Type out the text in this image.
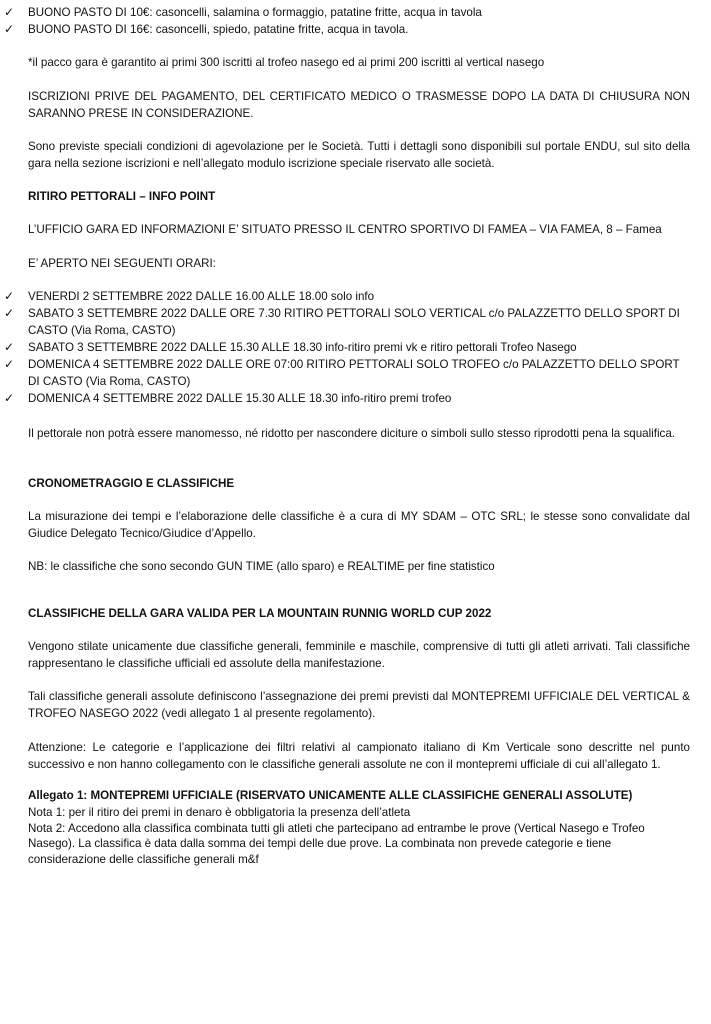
✓	BUONO PASTO DI 10€: casoncelli, salamina o formaggio, patatine fritte, acqua in tavola
✓	BUONO PASTO DI 16€: casoncelli, spiedo, patatine fritte, acqua in tavola.

*il pacco gara è garantito ai primi 300 iscritti al trofeo nasego ed ai primi 200 iscritti al vertical nasego

ISCRIZIONI PRIVE DEL PAGAMENTO, DEL CERTIFICATO MEDICO O TRASMESSE DOPO LA DATA DI CHIUSURA NON SARANNO PRESE IN CONSIDERAZIONE.

Sono previste speciali condizioni di agevolazione per le Società. Tutti i dettagli sono disponibili sul portale ENDU, sul sito della gara nella sezione iscrizioni e nell’allegato modulo iscrizione speciale riservato alle società.

RITIRO PETTORALI – INFO POINT

L’UFFICIO GARA ED INFORMAZIONI E’ SITUATO PRESSO IL CENTRO SPORTIVO DI FAMEA – VIA FAMEA, 8 – Famea

E’ APERTO NEI SEGUENTI ORARI:

✓	VENERDI 2 SETTEMBRE 2022 DALLE 16.00 ALLE 18.00 solo info
✓	SABATO 3 SETTEMBRE 2022 DALLE ORE 7.30 RITIRO PETTORALI SOLO VERTICAL c/o PALAZZETTO DELLO SPORT DI CASTO (Via Roma, CASTO)
✓	SABATO 3 SETTEMBRE 2022 DALLE 15.30 ALLE 18.30 info-ritiro premi vk e ritiro pettorali Trofeo Nasego
✓	DOMENICA 4 SETTEMBRE 2022 DALLE ORE 07:00 RITIRO PETTORALI SOLO TROFEO c/o PALAZZETTO DELLO SPORT DI CASTO (Via Roma, CASTO)
✓	DOMENICA 4 SETTEMBRE 2022 DALLE 15.30 ALLE 18.30 info-ritiro premi trofeo

Il pettorale non potrà essere manomesso, né ridotto per nascondere diciture o simboli sullo stesso riprodotti pena la squalifica.

CRONOMETRAGGIO E CLASSIFICHE

La misurazione dei tempi e l’elaborazione delle classifiche è a cura di MY SDAM – OTC SRL; le stesse sono convalidate dal Giudice Delegato Tecnico/Giudice d’Appello.

NB: le classifiche che sono secondo GUN TIME (allo sparo) e REALTIME per fine statistico

CLASSIFICHE DELLA GARA VALIDA PER LA MOUNTAIN RUNNIG WORLD CUP 2022

Vengono stilate unicamente due classifiche generali, femminile e maschile, comprensive di tutti gli atleti arrivati. Tali classifiche rappresentano le classifiche ufficiali ed assolute della manifestazione.

Tali classifiche generali assolute definiscono l’assegnazione dei premi previsti dal MONTEPREMI UFFICIALE DEL VERTICAL & TROFEO NASEGO 2022 (vedi allegato 1 al presente regolamento).

Attenzione: Le categorie e l’applicazione dei filtri relativi al campionato italiano di Km Verticale sono descritte nel punto successivo e non hanno collegamento con le classifiche generali assolute ne con il montepremi ufficiale di cui all’allegato 1.

Allegato 1: MONTEPREMI UFFICIALE (RISERVATO UNICAMENTE ALLE CLASSIFICHE GENERALI ASSOLUTE)

Nota 1: per il ritiro dei premi in denaro è obbligatoria la presenza dell’atleta
Nota 2: Accedono alla classifica combinata tutti gli atleti che partecipano ad entrambe le prove (Vertical Nasego e Trofeo Nasego). La classifica è data dalla somma dei tempi delle due prove. La combinata non prevede categorie e tiene considerazione delle classifiche generali m&f
